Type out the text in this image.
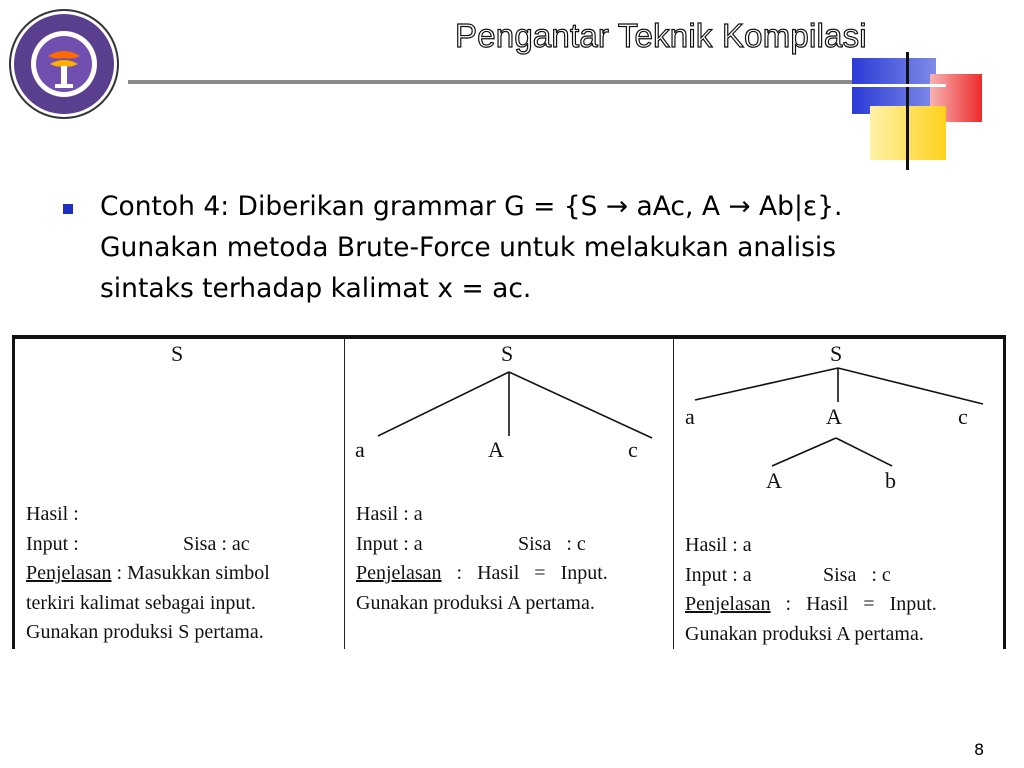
Pengantar Teknik Kompilasi
Contoh 4: Diberikan grammar G = {S → aAc, A → Ab|ε}.
Gunakan metoda Brute-Force untuk melakukan analisis
sintaks terhadap kalimat x = ac.
S
Hasil :
Input :	Sisa : ac
Penjelasan : Masukkan simbol
terkiri kalimat sebagai input.
Gunakan produksi S pertama.
S
a	A	c
Hasil : a
Input : a	Sisa   : c
Penjelasan   :   Hasil   =   Input.
Gunakan produksi A pertama.
S
a	A	c
A	b
Hasil : a
Input : a	Sisa   : c
Penjelasan   :   Hasil   =   Input.
Gunakan produksi A pertama.
8
